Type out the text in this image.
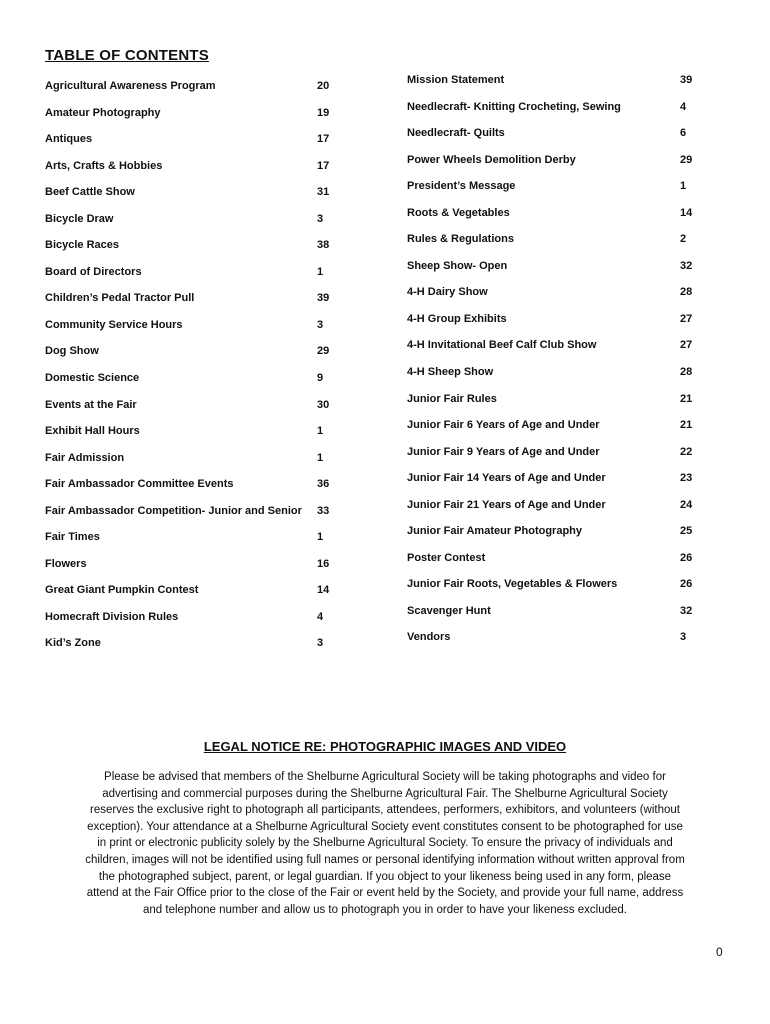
TABLE OF CONTENTS
Agricultural Awareness Program	20
Amateur Photography	19
Antiques	17
Arts, Crafts & Hobbies	17
Beef Cattle Show	31
Bicycle Draw	3
Bicycle Races	38
Board of Directors	1
Children’s Pedal Tractor Pull	39
Community Service Hours	3
Dog Show	29
Domestic Science	9
Events at the Fair	30
Exhibit Hall Hours	1
Fair Admission	1
Fair Ambassador Committee Events	36
Fair Ambassador Competition- Junior and Senior 33
Fair Times	1
Flowers	16
Great Giant Pumpkin Contest	14
Homecraft Division Rules	4
Kid’s Zone	3
Mission Statement	39
Needlecraft- Knitting Crocheting, Sewing	4
Needlecraft- Quilts	6
Power Wheels Demolition Derby	29
President’s Message	1
Roots & Vegetables	14
Rules & Regulations	2
Sheep Show- Open	32
4-H Dairy Show	28
4-H Group Exhibits	27
4-H Invitational Beef Calf Club Show	27
4-H Sheep Show	28
Junior Fair Rules	21
Junior Fair 6 Years of Age and Under	21
Junior Fair 9 Years of Age and Under	22
Junior Fair 14 Years of Age and Under	23
Junior Fair 21 Years of Age and Under	24
Junior Fair Amateur Photography	25
Poster Contest	26
Junior Fair Roots, Vegetables & Flowers	26
Scavenger Hunt	32
Vendors	3
LEGAL NOTICE RE: PHOTOGRAPHIC IMAGES AND VIDEO
Please be advised that members of the Shelburne Agricultural Society will be taking photographs and video for advertising and commercial purposes during the Shelburne Agricultural Fair. The Shelburne Agricultural Society reserves the exclusive right to photograph all participants, attendees, performers, exhibitors, and volunteers (without exception). Your attendance at a Shelburne Agricultural Society event constitutes consent to be photographed for use in print or electronic publicity solely by the Shelburne Agricultural Society. To ensure the privacy of individuals and children, images will not be identified using full names or personal identifying information without written approval from the photographed subject, parent, or legal guardian. If you object to your likeness being used in any form, please attend at the Fair Office prior to the close of the Fair or event held by the Society, and provide your full name, address and telephone number and allow us to photograph you in order to have your likeness excluded.
0
